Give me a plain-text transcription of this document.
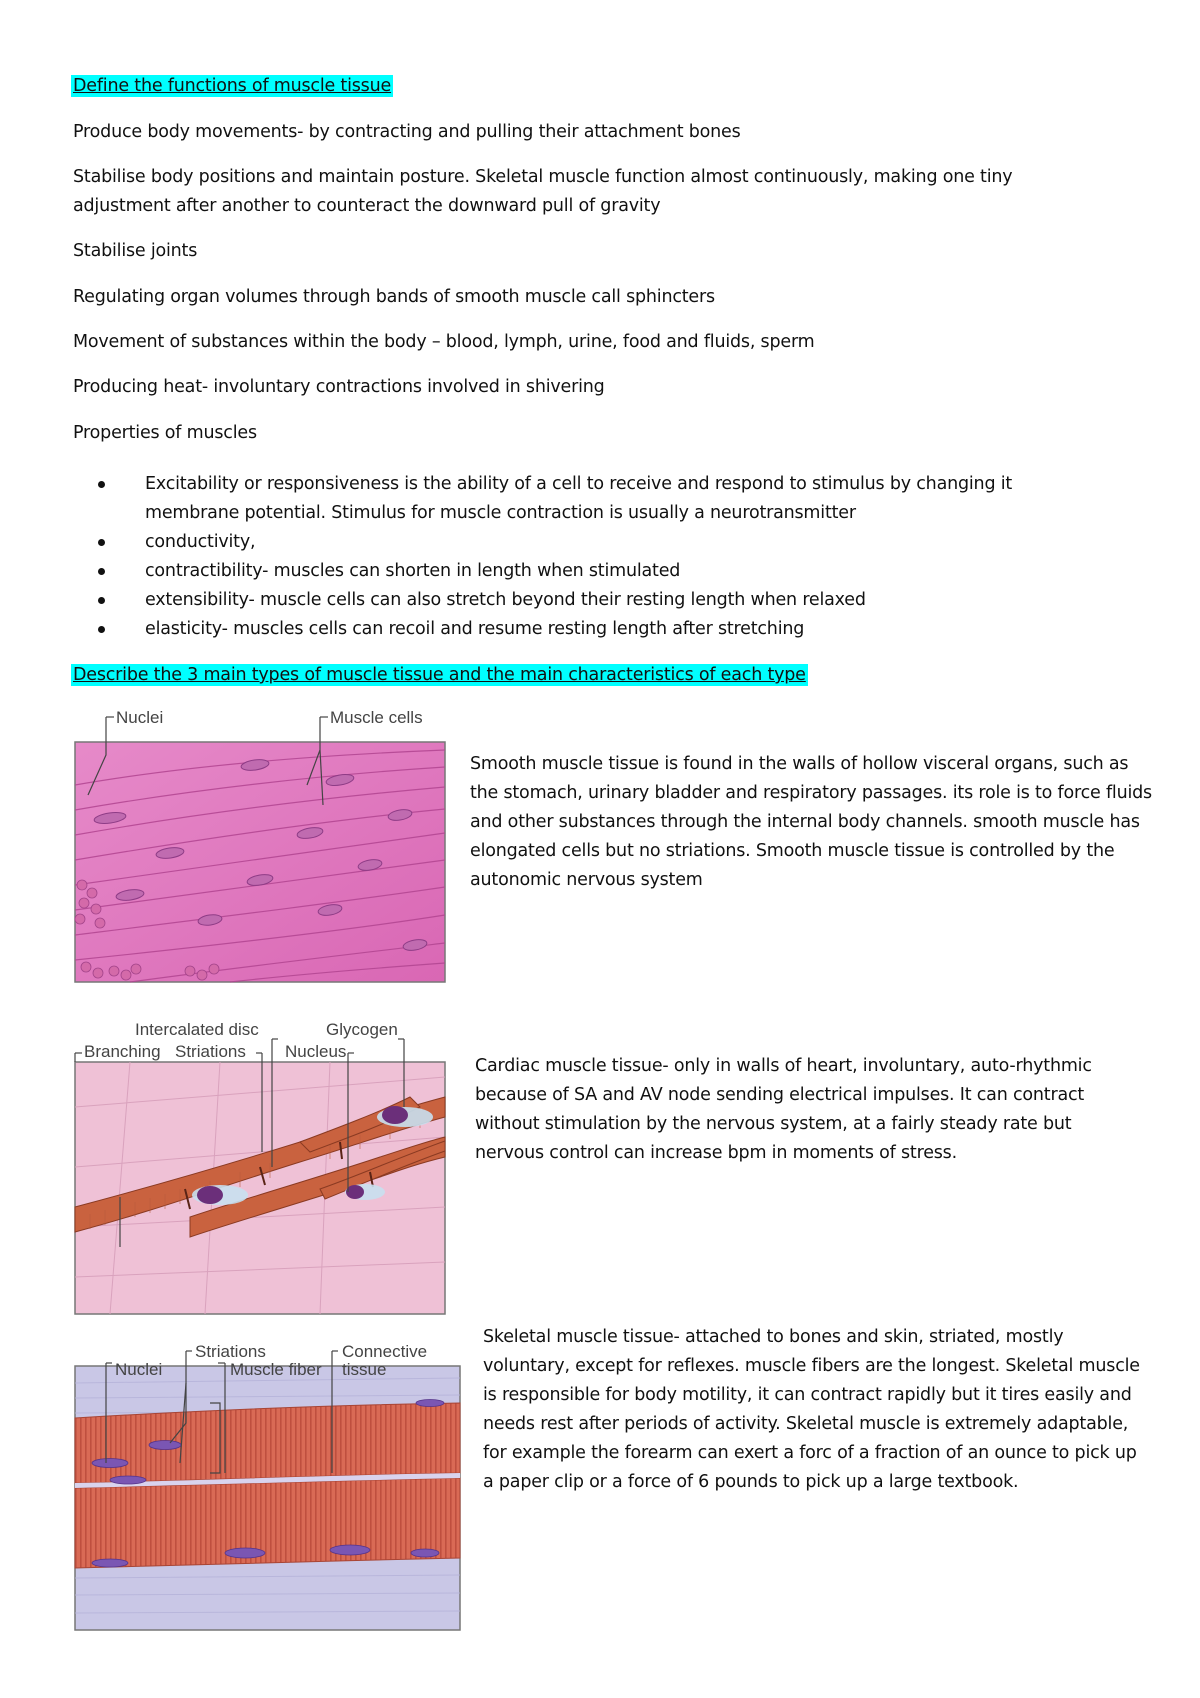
Define the functions of muscle tissue
Produce body movements- by contracting and pulling their attachment bones
Stabilise body positions and maintain posture. Skeletal muscle function almost continuously, making one tiny
adjustment after another to counteract the downward pull of gravity
Stabilise joints
Regulating organ volumes through bands of smooth muscle call sphincters
Movement of substances within the body – blood, lymph, urine, food and fluids, sperm
Producing heat- involuntary contractions involved in shivering
Properties of muscles
Excitability or responsiveness is the ability of a cell to receive and respond to stimulus by changing it membrane potential. Stimulus for muscle contraction is usually a neurotransmitter
conductivity,
contractibility- muscles can shorten in length when stimulated
extensibility- muscle cells can also stretch beyond their resting length when relaxed
elasticity- muscles cells can recoil and resume resting length after stretching
Describe the 3 main types of muscle tissue and the main characteristics of each type
Nuclei	Muscle cells
Smooth muscle tissue is found in the walls of hollow visceral organs, such as the stomach, urinary bladder and respiratory passages. its role is to force fluids and other substances through the internal body channels. smooth muscle has elongated cells but no striations. Smooth muscle tissue is controlled by the autonomic nervous system
Intercalated disc	Glycogen
Branching Striations Nucleus
Cardiac muscle tissue- only in walls of heart, involuntary, auto-rhythmic because of SA and AV node sending electrical impulses. It can contract without stimulation by the nervous system, at a fairly steady rate but nervous control can increase bpm in moments of stress.
Striations	Connective
tissue
Nuclei	Muscle fiber
Skeletal muscle tissue- attached to bones and skin, striated, mostly voluntary, except for reflexes. muscle fibers are the longest. Skeletal muscle is responsible for body motility, it can contract rapidly but it tires easily and needs rest after periods of activity. Skeletal muscle is extremely adaptable, for example the forearm can exert a forc of a fraction of an ounce to pick up a paper clip or a force of 6 pounds to pick up a large textbook.
